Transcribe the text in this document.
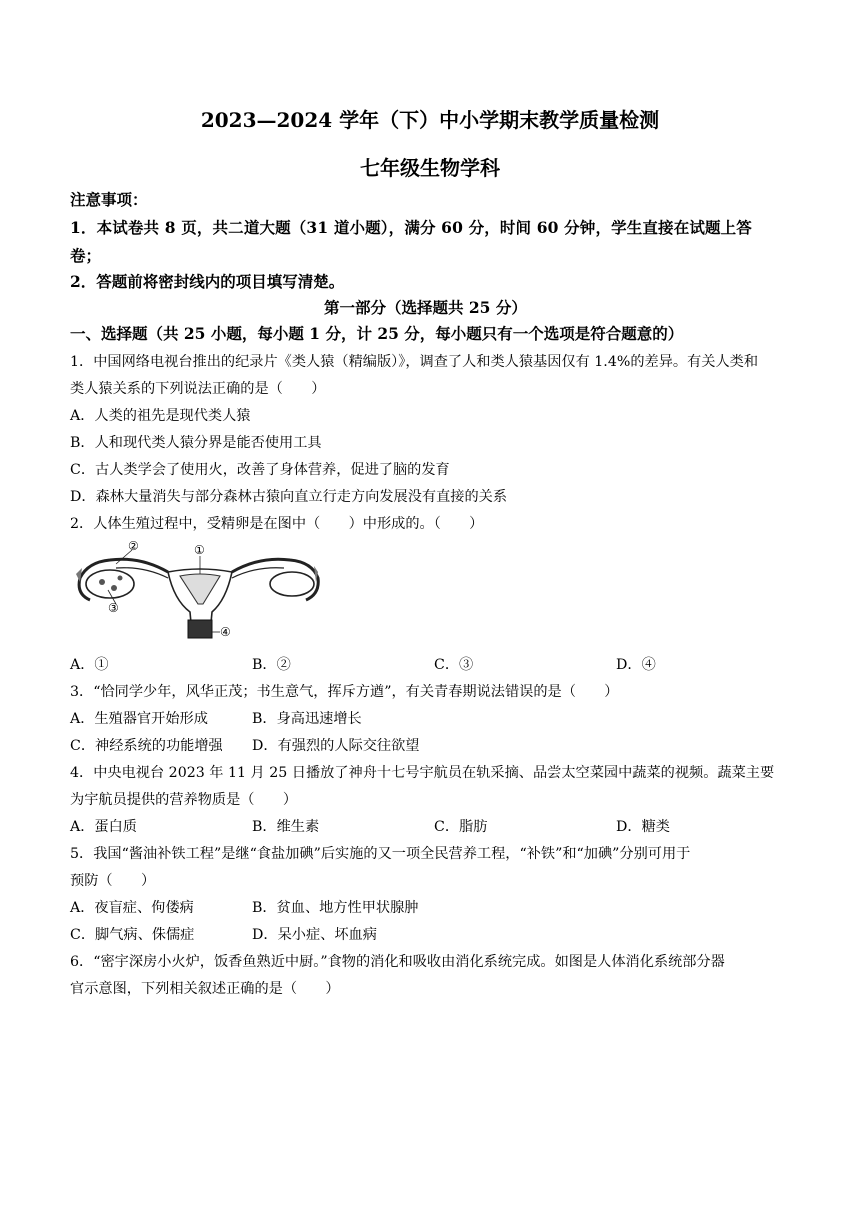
2023—2024 学年（下）中小学期末教学质量检测
七年级生物学科
注意事项：
1．本试卷共 8 页，共二道大题（31 道小题），满分 60 分，时间 60 分钟，学生直接在试题上答
卷；
2．答题前将密封线内的项目填写清楚。
第一部分（选择题共 25 分）
一、选择题（共 25 小题，每小题 1 分，计 25 分，每小题只有一个选项是符合题意的）
1．中国网络电视台推出的纪录片《类人猿（精编版）》，调查了人和类人猿基因仅有 1.4%的差异。有关人类和
类人猿关系的下列说法正确的是（　　）
A．人类的祖先是现代类人猿
B．人和现代类人猿分界是能否使用工具
C．古人类学会了使用火，改善了身体营养，促进了脑的发育
D．森林大量消失与部分森林古猿向直立行走方向发展没有直接的关系
2．人体生殖过程中，受精卵是在图中（　　）中形成的。（　　）
①
②
③
④
A．①	B．②	C．③	D．④
3．“恰同学少年，风华正茂；书生意气，挥斥方遒”，有关青春期说法错误的是（　　）
A．生殖器官开始形成	B．身高迅速增长
C．神经系统的功能增强 D．有强烈的人际交往欲望
4．中央电视台 2023 年 11 月 25 日播放了神舟十七号宇航员在轨采摘、品尝太空菜园中蔬菜的视频。蔬菜主要
为宇航员提供的营养物质是（　　）
A．蛋白质	B．维生素	C．脂肪	D．糖类
5．我国“酱油补铁工程”是继“食盐加碘”后实施的又一项全民营养工程，“补铁”和“加碘”分别可用于
预防（　　）
A．夜盲症、佝偻病	B．贫血、地方性甲状腺肿
C．脚气病、侏儒症	D．呆小症、坏血病
6．“密宇深房小火炉，饭香鱼熟近中厨。”食物的消化和吸收由消化系统完成。如图是人体消化系统部分器
官示意图，下列相关叙述正确的是（　　）
